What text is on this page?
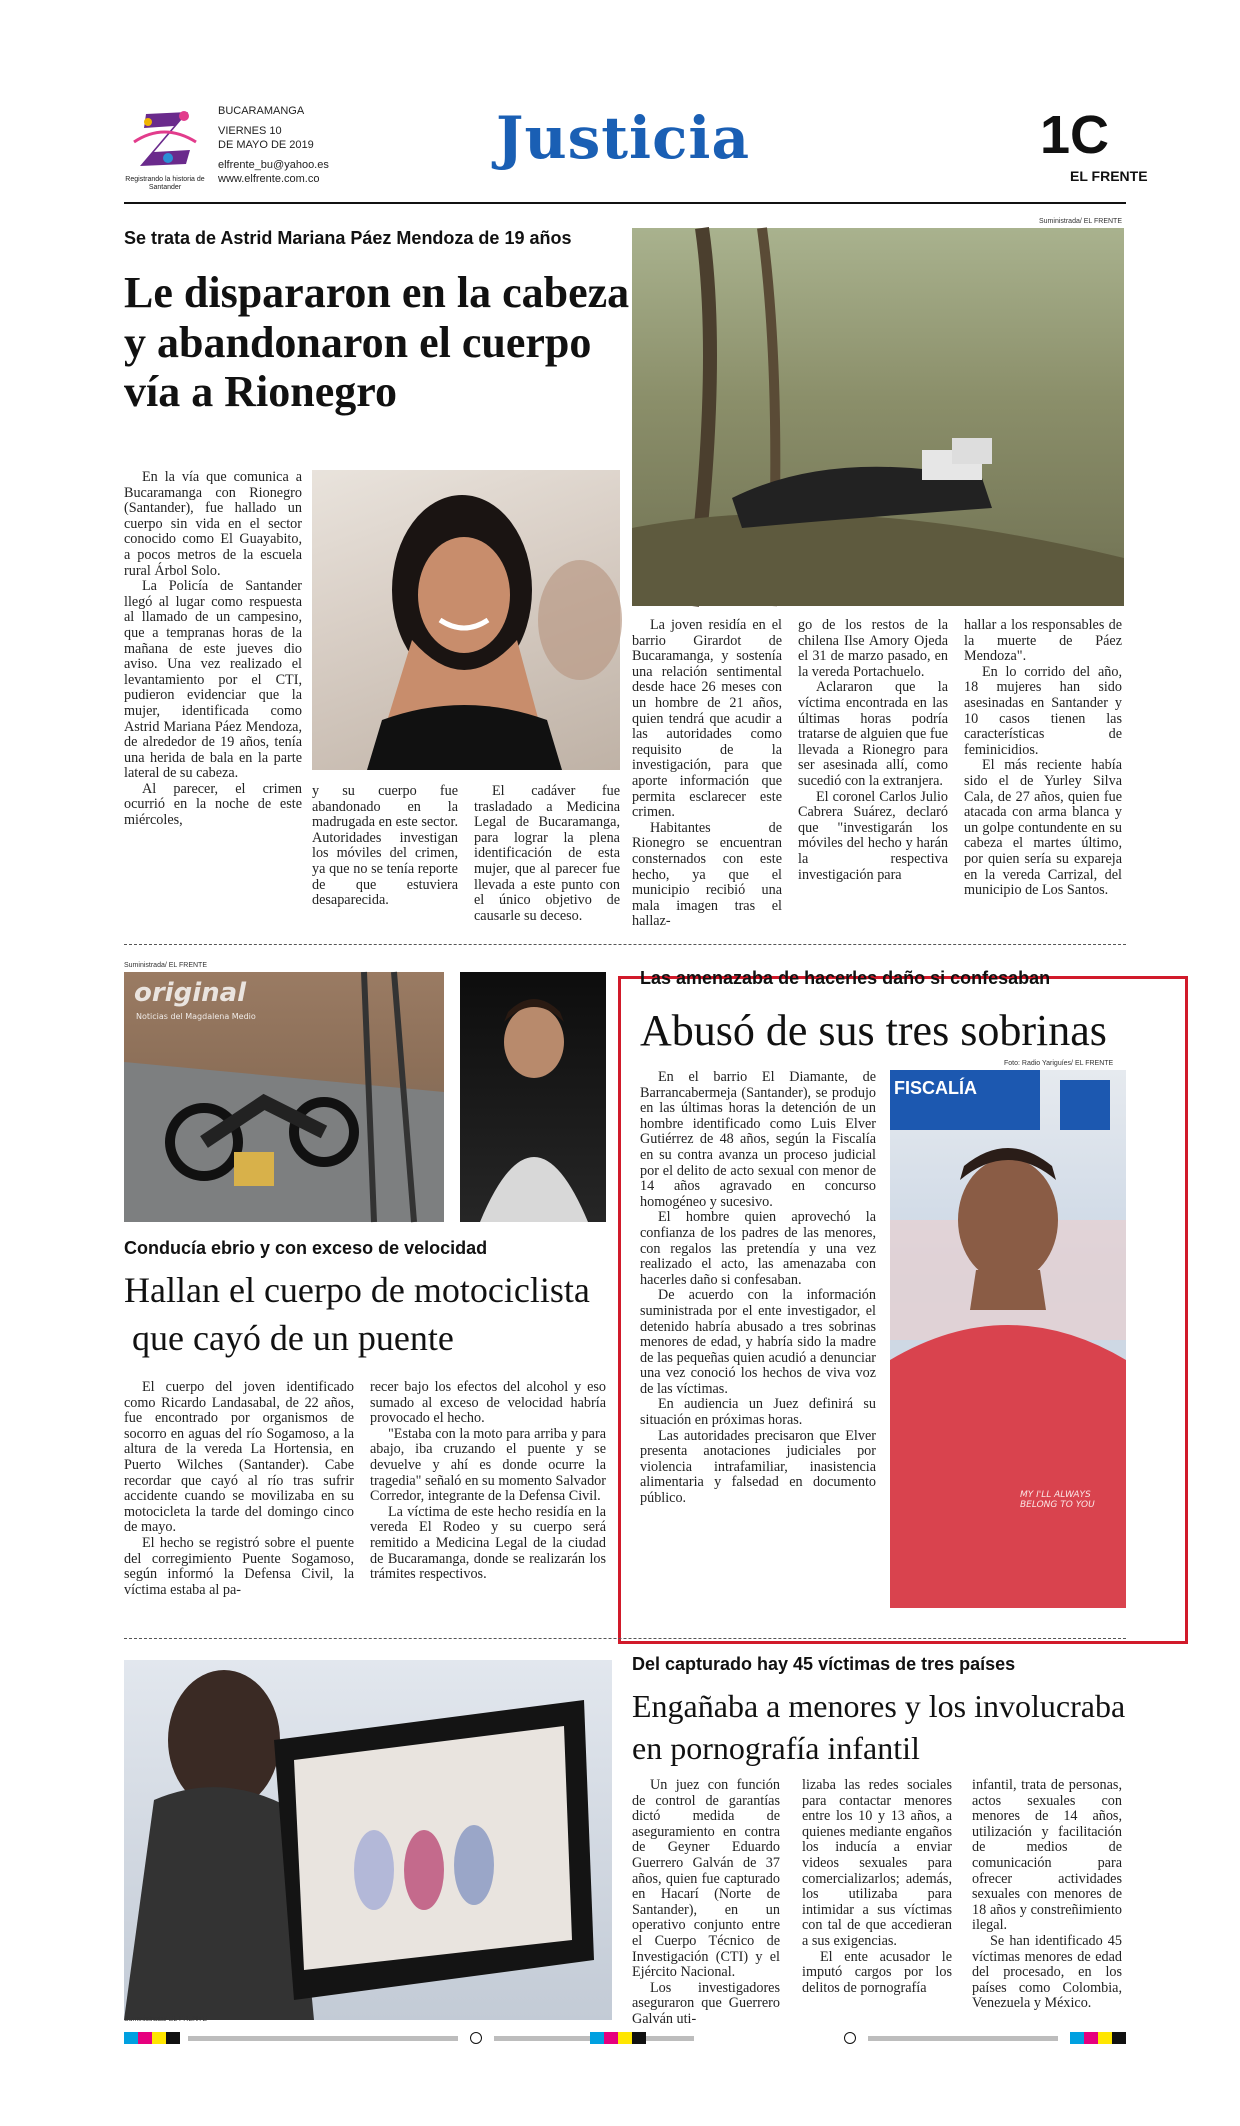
Registrando la historia de Santander
BUCARAMANGA
VIERNES 10
DE MAYO DE 2019
elfrente_bu@yahoo.es
www.elfrente.com.co
Justicia	1C
EL FRENTE
Se trata de Astrid Mariana Páez Mendoza de 19 años
Le dispararon en la cabeza y abandonaron el cuerpo vía a Rionegro
Suministrada/ EL FRENTE

En la vía que comunica a Bucaramanga con Rionegro (Santander), fue hallado un cuerpo sin vida en el sector conocido como El Guayabito, a pocos metros de la escuela rural Árbol Solo.

La Policía de Santander llegó al lugar como respuesta al llamado de un campesino, que a tempranas horas de la mañana de este jueves dio aviso. Una vez realizado el levantamiento por el CTI, pudieron evidenciar que la mujer, identificada como Astrid Mariana Páez Mendoza, de alrededor de 19 años, tenía una herida de bala en la parte lateral de su cabeza.

Al parecer, el crimen ocurrió en la noche de este miércoles,

y su cuerpo fue abandonado en la madrugada en este sector. Autoridades investigan los móviles del crimen, ya que no se tenía reporte de que estuviera desaparecida.

El cadáver fue trasladado a Medicina Legal de Bucaramanga, para lograr la plena identificación de esta mujer, que al parecer fue llevada a este punto con el único objetivo de causarle su deceso.

La joven residía en el barrio Girardot de Bucaramanga, y sostenía una relación sentimental desde hace 26 meses con un hombre de 21 años, quien tendrá que acudir a las autoridades como requisito de la investigación, para que aporte información que permita esclarecer este crimen.

Habitantes de Rionegro se encuentran consternados con este hecho, ya que el municipio recibió una mala imagen tras el hallaz-

go de los restos de la chilena Ilse Amory Ojeda el 31 de marzo pasado, en la vereda Portachuelo.

Aclararon que la víctima encontrada en las últimas horas podría tratarse de alguien que fue llevada a Rionegro para ser asesinada allí, como sucedió con la extranjera.

El coronel Carlos Julio Cabrera Suárez, declaró que "investigarán los móviles del hecho y harán la respectiva investigación para

hallar a los responsables de la muerte de Páez Mendoza".

En lo corrido del año, 18 mujeres han sido asesinadas en Santander y 10 casos tienen las características de feminicidios.

El más reciente había sido el de Yurley Silva Cala, de 27 años, quien fue atacada con arma blanca y un golpe contundente en su cabeza el martes último, por quien sería su expareja en la vereda Carrizal, del municipio de Los Santos.

Suministrada/ EL FRENTE
original
Noticias del Magdalena Medio
Conducía ebrio y con exceso de velocidad
Hallan el cuerpo de motociclista
que cayó de un puente

El cuerpo del joven identificado como Ricardo Landasabal, de 22 años, fue encontrado por organismos de socorro en aguas del río Sogamoso, a la altura de la vereda La Hortensia, en Puerto Wilches (Santander). Cabe recordar que cayó al río tras sufrir accidente cuando se movilizaba en su motocicleta la tarde del domingo cinco de mayo.

El hecho se registró sobre el puente del corregimiento Puente Sogamoso, según informó la Defensa Civil, la víctima estaba al pa-

recer bajo los efectos del alcohol y eso sumado al exceso de velocidad habría provocado el hecho.

"Estaba con la moto para arriba y para abajo, iba cruzando el puente y se devuelve y ahí es donde ocurre la tragedia" señaló en su momento Salvador Corredor, integrante de la Defensa Civil.

La víctima de este hecho residía en la vereda El Rodeo y su cuerpo será remitido a Medicina Legal de la ciudad de Bucaramanga, donde se realizarán los trámites respectivos.

Las amenazaba de hacerles daño si confesaban
Abusó de sus tres sobrinas
Foto: Radio Yariguíes/ EL FRENTE
FISCALÍA
MY I'LL ALWAYS BELONG TO YOU

En el barrio El Diamante, de Barrancabermeja (Santander), se produjo en las últimas horas la detención de un hombre identificado como Luis Elver Gutiérrez de 48 años, según la Fiscalía en su contra avanza un proceso judicial por el delito de acto sexual con menor de 14 años agravado en concurso homogéneo y sucesivo.

El hombre quien aprovechó la confianza de los padres de las menores, con regalos las pretendía y una vez realizado el acto, las amenazaba con hacerles daño si confesaban.

De acuerdo con la información suministrada por el ente investigador, el detenido habría abusado a tres sobrinas menores de edad, y habría sido la madre de las pequeñas quien acudió a denunciar una vez conoció los hechos de viva voz de las víctimas.

En audiencia un Juez definirá su situación en próximas horas.

Las autoridades precisaron que Elver presenta anotaciones judiciales por violencia intrafamiliar, inasistencia alimentaria y falsedad en documento público.

Suministrada/ EL FRENTE
Del capturado hay 45 víctimas de tres países
Engañaba a menores y los involucraba
en pornografía infantil

Un juez con función de control de garantías dictó medida de aseguramiento en contra de Geyner Eduardo Guerrero Galván de 37 años, quien fue capturado en Hacarí (Norte de Santander), en un operativo conjunto entre el Cuerpo Técnico de Investigación (CTI) y el Ejército Nacional.

Los investigadores aseguraron que Guerrero Galván uti-

lizaba las redes sociales para contactar menores entre los 10 y 13 años, a quienes mediante engaños los inducía a enviar videos sexuales para comercializarlos; además, los utilizaba para intimidar a sus víctimas con tal de que accedieran a sus exigencias.

El ente acusador le imputó cargos por los delitos de pornografía

infantil, trata de personas, actos sexuales con menores de 14 años, utilización y facilitación de medios de comunicación para ofrecer actividades sexuales con menores de 18 años y constreñimiento ilegal.

Se han identificado 45 víctimas menores de edad del procesado, en los países como Colombia, Venezuela y México.
